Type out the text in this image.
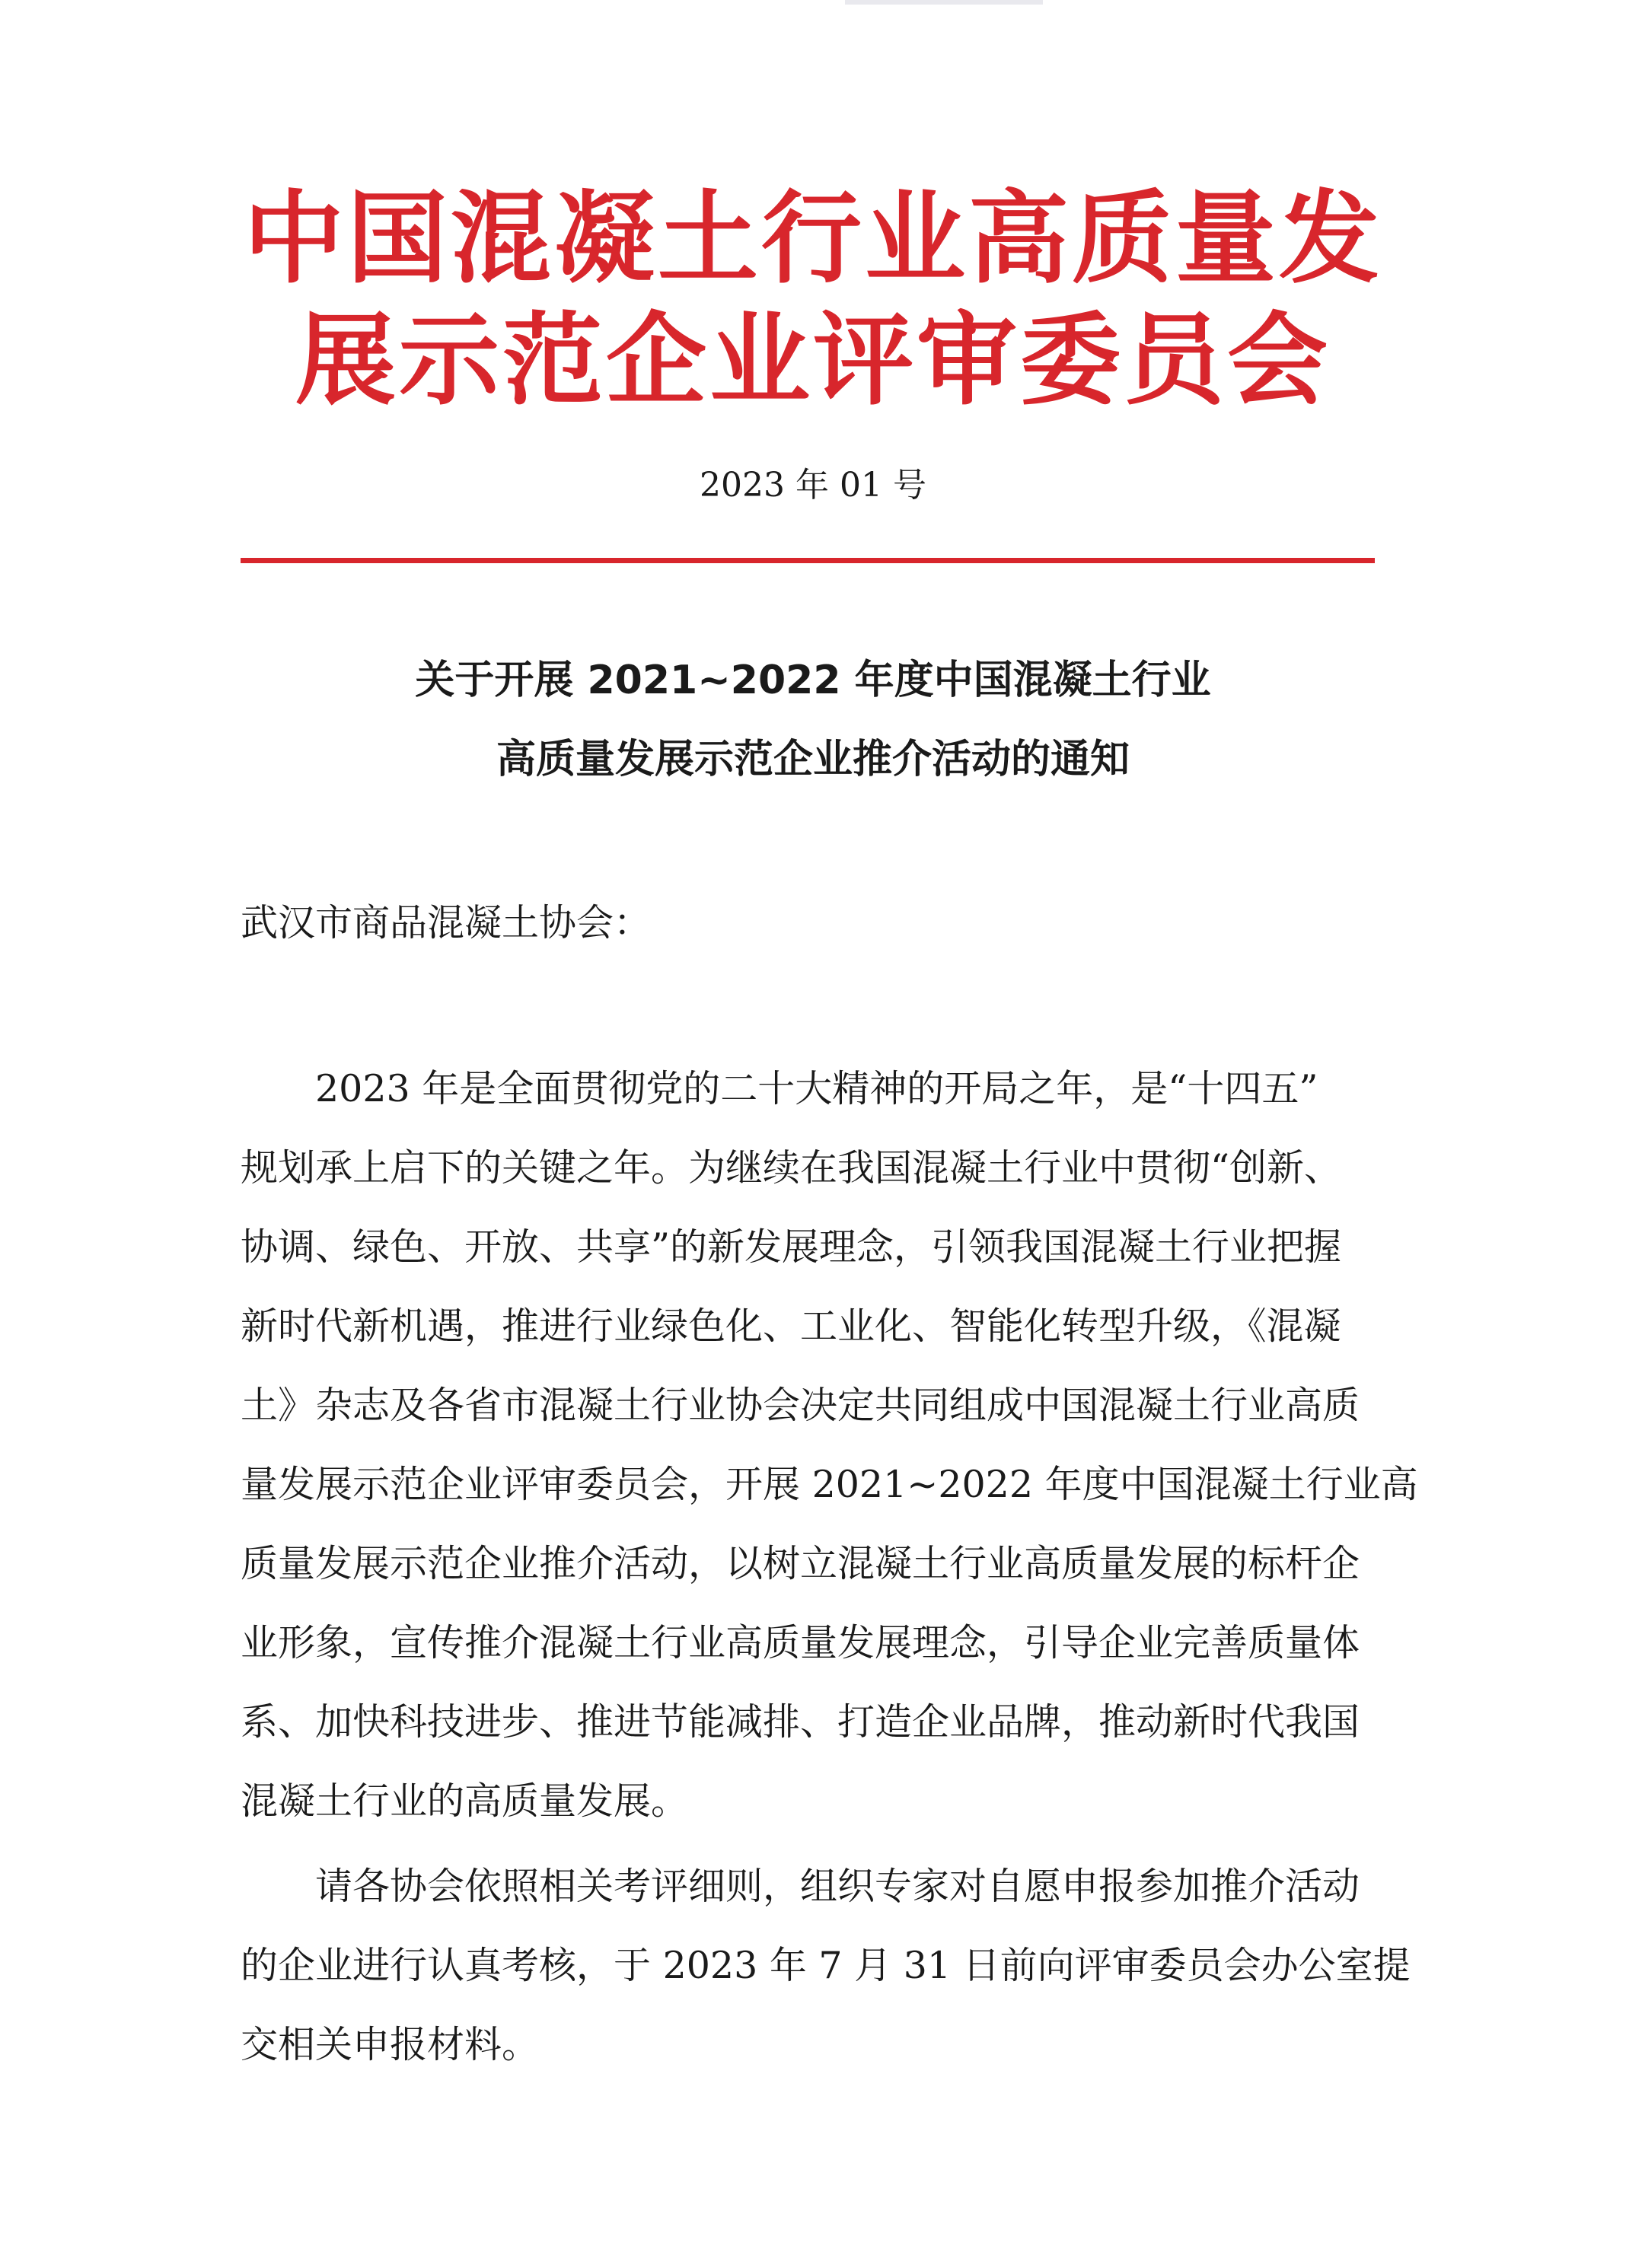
中国混凝土行业高质量发
展示范企业评审委员会
2023 年 01 号
关于开展 2021~2022 年度中国混凝土行业
高质量发展示范企业推介活动的通知
武汉市商品混凝土协会：
2023 年是全面贯彻党的二十大精神的开局之年，是“十四五”
规划承上启下的关键之年。为继续在我国混凝土行业中贯彻“创新、
协调、绿色、开放、共享”的新发展理念，引领我国混凝土行业把握
新时代新机遇，推进行业绿色化、工业化、智能化转型升级，《混凝
土》杂志及各省市混凝土行业协会决定共同组成中国混凝土行业高质
量发展示范企业评审委员会，开展 2021~2022 年度中国混凝土行业高
质量发展示范企业推介活动，以树立混凝土行业高质量发展的标杆企
业形象，宣传推介混凝土行业高质量发展理念，引导企业完善质量体
系、加快科技进步、推进节能减排、打造企业品牌，推动新时代我国
混凝土行业的高质量发展。
请各协会依照相关考评细则，组织专家对自愿申报参加推介活动
的企业进行认真考核，于 2023 年 7 月 31 日前向评审委员会办公室提
交相关申报材料。
